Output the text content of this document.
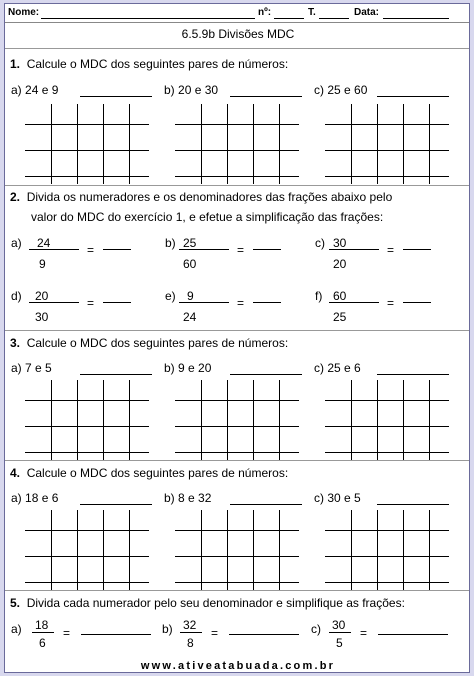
Nome:	nº:	T.	Data:
6.5.9b Divisões MDC
1. Calcule o MDC dos seguintes pares de números:
a) 24 e 9	b) 20 e 30	c) 25 e 60
2. Divida os numeradores e os denominadores das frações abaixo pelo
valor do MDC do exercício 1, e efetue a simplificação das frações:
a) 24
9
=	b) 25
60
=	c) 30
20
=
d) 20
30
=	e) 9
24
=	f) 60
25
=
3. Calcule o MDC dos seguintes pares de números:
a) 7 e 5	b) 9 e 20	c) 25 e 6
4. Calcule o MDC dos seguintes pares de números:
a) 18 e 6	b) 8 e 32	c) 30 e 5
5. Divida cada numerador pelo seu denominador e simplifique as frações:
a) 18
6
=	b) 32
8
=	c) 30
5
=
www.ativeatabuada.com.br
